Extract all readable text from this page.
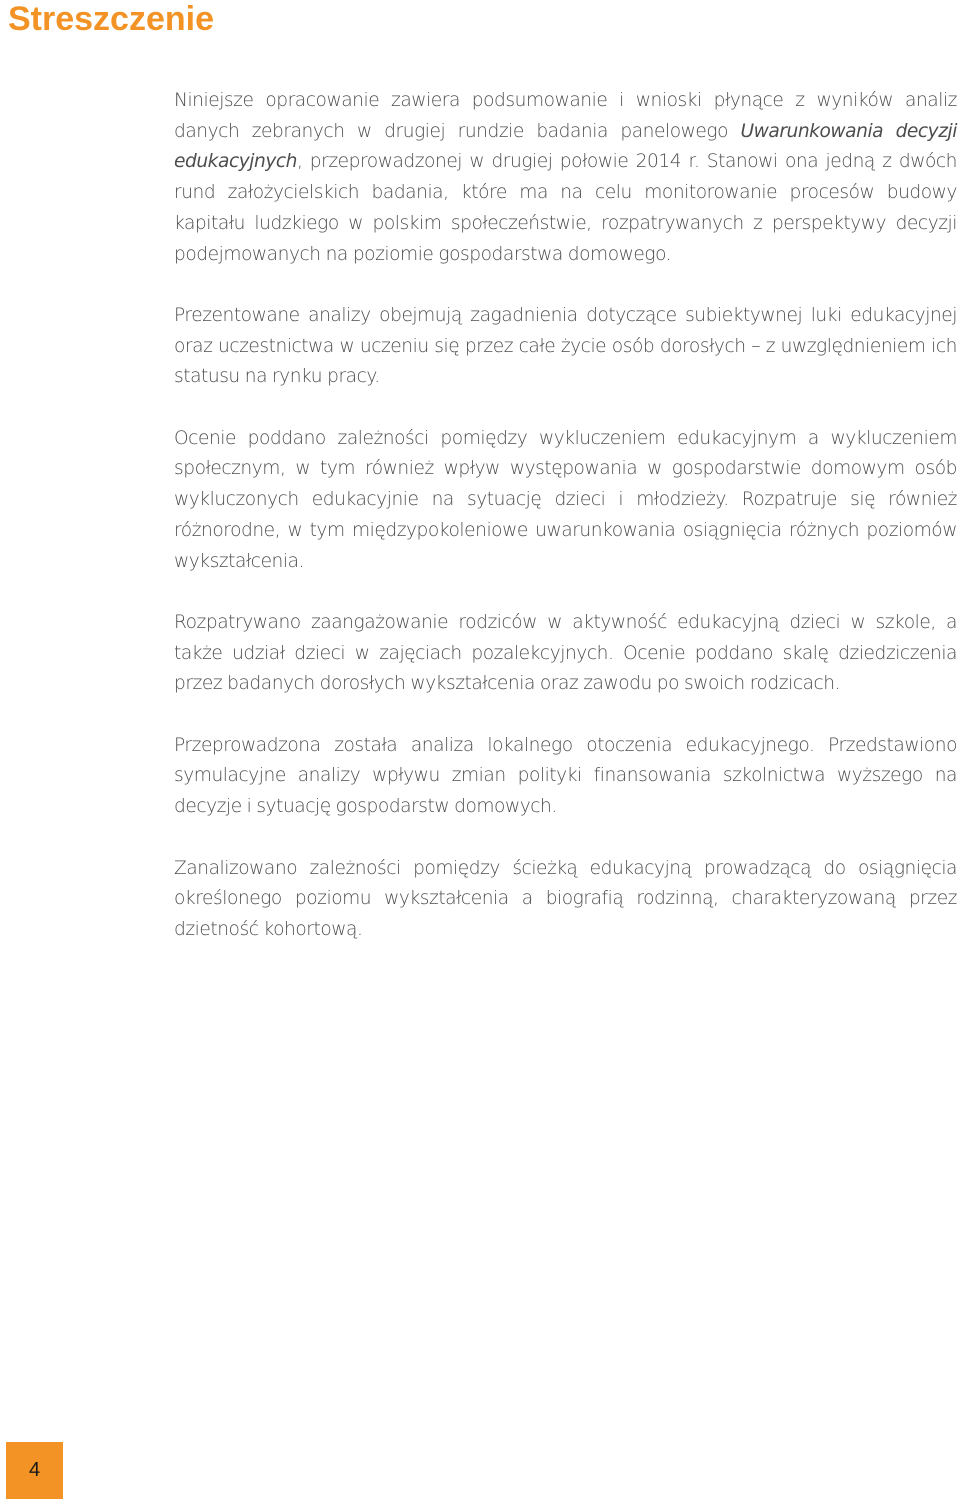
Streszczenie

Niniejsze opracowanie zawiera podsumowanie i wnioski płynące z wyników analiz danych zebranych w drugiej rundzie badania panelowego Uwarunkowania decyzji edukacyjnych, przeprowadzonej w drugiej połowie 2014 r. Stanowi ona jedną z dwóch rund założycielskich badania, które ma na celu monitorowanie procesów budowy kapitału ludzkiego w polskim społeczeństwie, rozpatrywanych z perspektywy decyzji podejmowanych na poziomie gospodarstwa domowego.

Prezentowane analizy obejmują zagadnienia dotyczące subiektywnej luki edukacyjnej oraz uczestnictwa w uczeniu się przez całe życie osób dorosłych – z uwzględnieniem ich statusu na rynku pracy.

Ocenie poddano zależności pomiędzy wykluczeniem edukacyjnym a wykluczeniem społecznym, w tym również wpływ występowania w gospodarstwie domowym osób wykluczonych edukacyjnie na sytuację dzieci i młodzieży. Rozpatruje się również różnorodne, w tym międzypokoleniowe uwarunkowania osiągnięcia różnych poziomów wykształcenia.

Rozpatrywano zaangażowanie rodziców w aktywność edukacyjną dzieci w szkole, a także udział dzieci w zajęciach pozalekcyjnych. Ocenie poddano skalę dziedziczenia przez badanych dorosłych wykształcenia oraz zawodu po swoich rodzicach.

Przeprowadzona została analiza lokalnego otoczenia edukacyjnego. Przedstawiono symulacyjne analizy wpływu zmian polityki finansowania szkolnictwa wyższego na decyzje i sytuację gospodarstw domowych.

Zanalizowano zależności pomiędzy ścieżką edukacyjną prowadzącą do osiągnięcia określonego poziomu wykształcenia a biografią rodzinną, charakteryzowaną przez dzietność kohortową.

4
